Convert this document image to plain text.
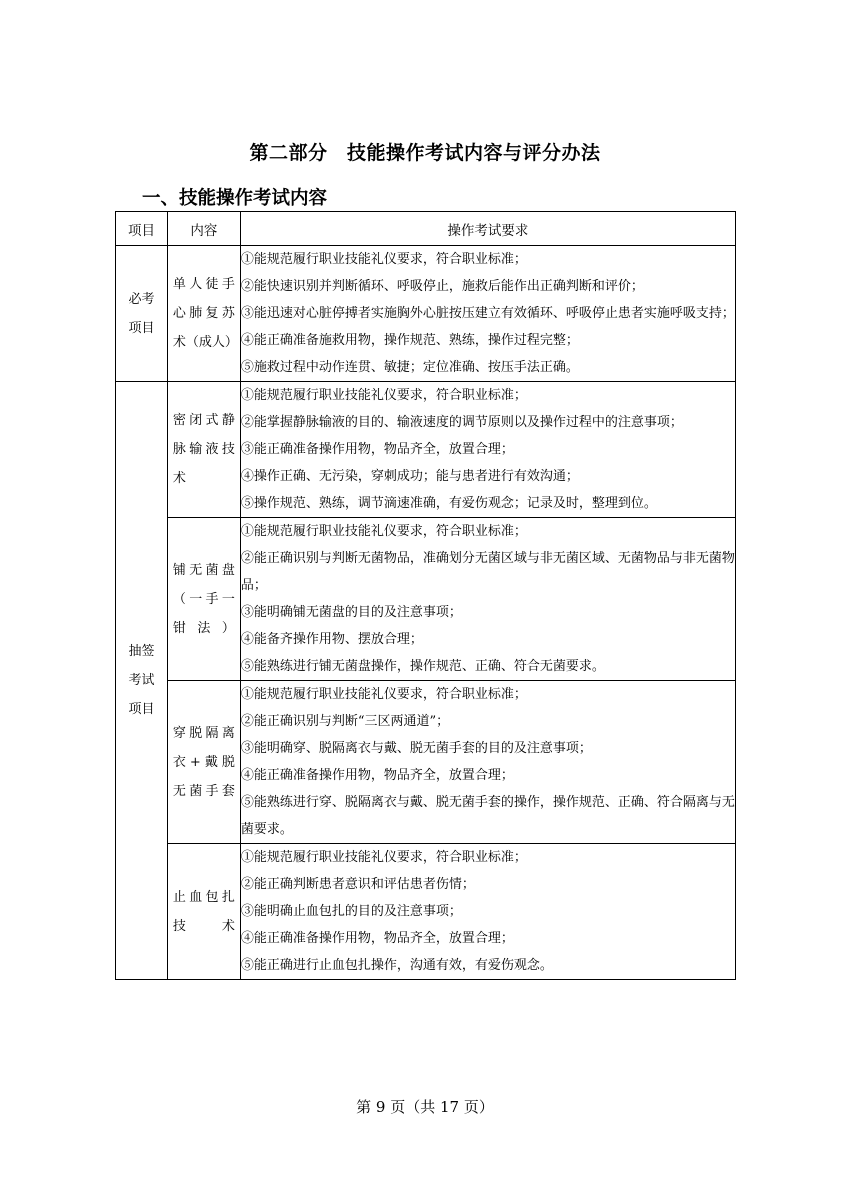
第二部分　技能操作考试内容与评分办法
一、技能操作考试内容
项目	内容	操作考试要求
必考项目	单人徒手心肺复苏术（成人）	①能规范履行职业技能礼仪要求，符合职业标准；
②能快速识别并判断循环、呼吸停止，施救后能作出正确判断和评价；
③能迅速对心脏停搏者实施胸外心脏按压建立有效循环、呼吸停止患者实施呼吸支持；
④能正确准备施救用物，操作规范、熟练，操作过程完整；
⑤施救过程中动作连贯、敏捷；定位准确、按压手法正确。

抽签考试项目	密闭式静脉输液技术	①能规范履行职业技能礼仪要求，符合职业标准；
②能掌握静脉输液的目的、输液速度的调节原则以及操作过程中的注意事项；
③能正确准备操作用物，物品齐全，放置合理；
④操作正确、无污染，穿刺成功；能与患者进行有效沟通；
⑤操作规范、熟练，调节滴速准确，有爱伤观念；记录及时，整理到位。

	铺无菌盘（一手一钳法）	①能规范履行职业技能礼仪要求，符合职业标准；
②能正确识别与判断无菌物品，准确划分无菌区域与非无菌区域、无菌物品与非无菌物品；
③能明确铺无菌盘的目的及注意事项；
④能备齐操作用物、摆放合理；
⑤能熟练进行铺无菌盘操作，操作规范、正确、符合无菌要求。

	穿脱隔离衣+戴脱无菌手套	①能规范履行职业技能礼仪要求，符合职业标准；
②能正确识别与判断“三区两通道”；
③能明确穿、脱隔离衣与戴、脱无菌手套的目的及注意事项；
④能正确准备操作用物，物品齐全，放置合理；
⑤能熟练进行穿、脱隔离衣与戴、脱无菌手套的操作，操作规范、正确、符合隔离与无菌要求。

	止血包扎技术	①能规范履行职业技能礼仪要求，符合职业标准；
②能正确判断患者意识和评估患者伤情；
③能明确止血包扎的目的及注意事项；
④能正确准备操作用物，物品齐全，放置合理；
⑤能正确进行止血包扎操作，沟通有效，有爱伤观念。
第 9 页（共 17 页）
